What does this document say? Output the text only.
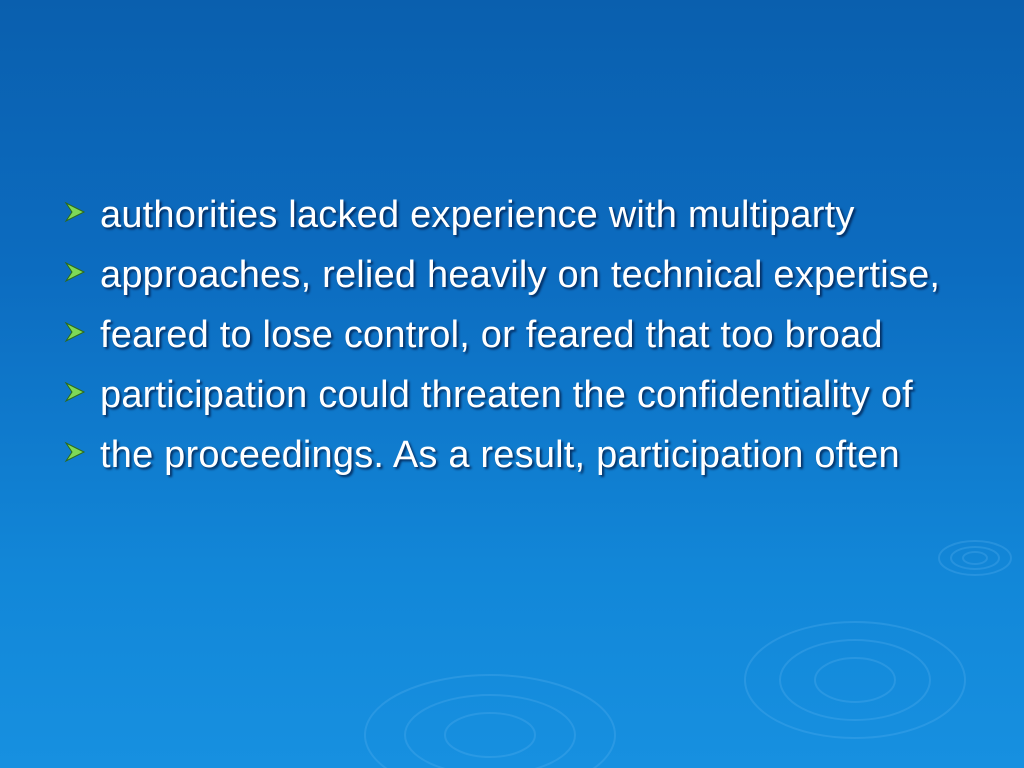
authorities lacked experience with multiparty
approaches, relied heavily on technical expertise,
feared to lose control, or feared that too broad
participation could threaten the confidentiality of
the proceedings. As a result, participation often
